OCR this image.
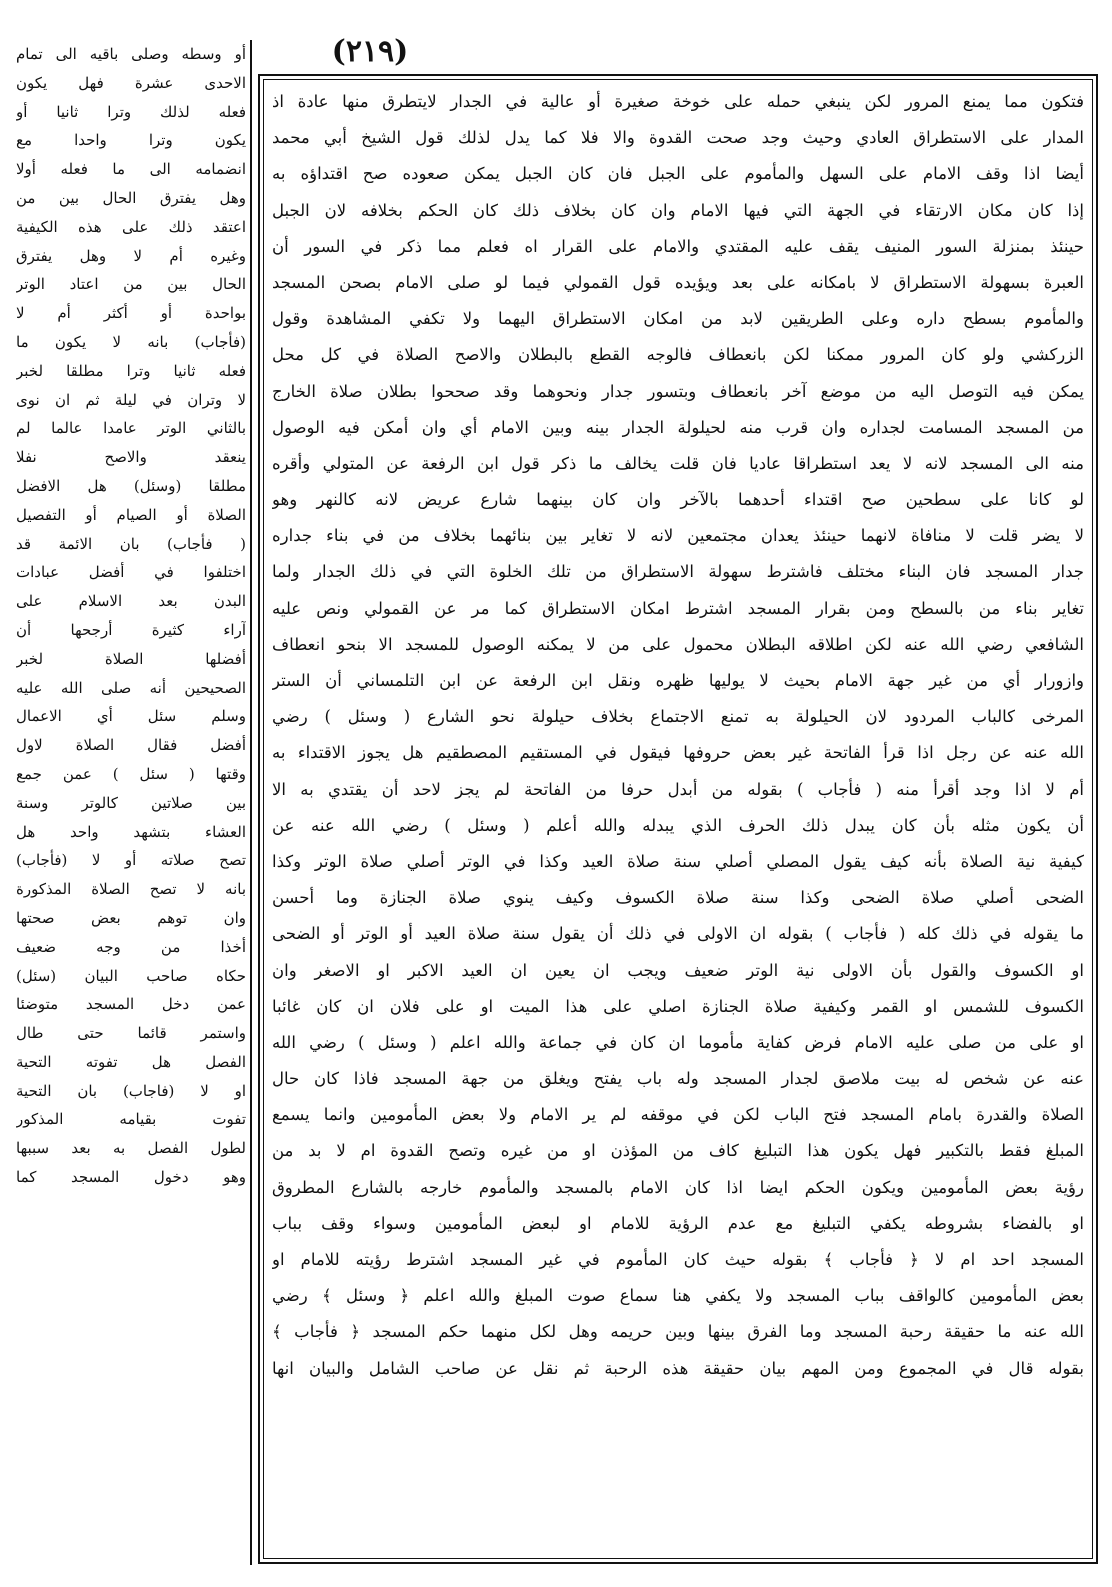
(۲۱۹)
أو وسطه وصلى باقيه الى تمام
الاحدى عشرة فهل يكون
فعله لذلك وترا ثانيا أو
يكون وترا واحدا مع
انضمامه الى ما فعله أولا
وهل يفترق الحال بين من
اعتقد ذلك على هذه الكيفية
وغيره أم لا وهل يفترق
الحال بين من اعتاد الوتر
بواحدة أو أكثر أم لا
(فأجاب) بانه لا يكون ما
فعله ثانيا وترا مطلقا لخبر
لا وتران في ليلة ثم ان نوى
بالثاني الوتر عامدا عالما لم
ينعقد والاصح نفلا
مطلقا (وسئل) هل الافضل
الصلاة أو الصيام أو التفصيل
( فأجاب) بان الائمة قد
اختلفوا في أفضل عبادات
البدن بعد الاسلام على
آراء كثيرة أرجحها أن
أفضلها الصلاة لخبر
الصحيحين أنه صلى الله عليه
وسلم سئل أي الاعمال
أفضل فقال الصلاة لاول
وقتها ( سئل ) عمن جمع
بين صلاتين كالوتر وسنة
العشاء بتشهد واحد هل
تصح صلاته أو لا (فأجاب)
بانه لا تصح الصلاة المذكورة
وان توهم بعض صحتها
أخذا من وجه ضعيف
حكاه صاحب البيان (سئل)
عمن دخل المسجد متوضئا
واستمر قائما حتى طال
الفصل هل تفوته التحية
او لا (فاجاب) بان التحية
تفوت بقيامه المذكور
لطول الفصل به بعد سببها
وهو دخول المسجد كما
فتكون مما يمنع المرور لكن ينبغي حمله على خوخة صغيرة أو عالية في الجدار لايتطرق منها عادة اذ
المدار على الاستطراق العادي وحيث وجد صحت القدوة والا فلا كما يدل لذلك قول الشيخ أبي محمد
أيضا اذا وقف الامام على السهل والمأموم على الجبل فان كان الجبل يمكن صعوده صح اقتداؤه به
إذا كان مكان الارتقاء في الجهة التي فيها الامام وان كان بخلاف ذلك كان الحكم بخلافه لان الجبل
حينئذ بمنزلة السور المنيف يقف عليه المقتدي والامام على القرار اه فعلم مما ذكر في السور أن
العبرة بسهولة الاستطراق لا بامكانه على بعد ويؤيده قول القمولي فيما لو صلى الامام بصحن المسجد
والمأموم بسطح داره وعلى الطريقين لابد من امكان الاستطراق اليهما ولا تكفي المشاهدة وقول
الزركشي ولو كان المرور ممكنا لكن بانعطاف فالوجه القطع بالبطلان والاصح الصلاة في كل محل
يمكن فيه التوصل اليه من موضع آخر بانعطاف وبتسور جدار ونحوهما وقد صححوا بطلان صلاة الخارج
من المسجد المسامت لجداره وان قرب منه لحيلولة الجدار بينه وبين الامام أي وان أمكن فيه الوصول
منه الى المسجد لانه لا يعد استطراقا عاديا فان قلت يخالف ما ذكر قول ابن الرفعة عن المتولي وأقره
لو كانا على سطحين صح اقتداء أحدهما بالآخر وان كان بينهما شارع عريض لانه كالنهر وهو
لا يضر قلت لا منافاة لانهما حينئذ يعدان مجتمعين لانه لا تغاير بين بنائهما بخلاف من في بناء جداره
جدار المسجد فان البناء مختلف فاشترط سهولة الاستطراق من تلك الخلوة التي في ذلك الجدار ولما
تغاير بناء من بالسطح ومن بقرار المسجد اشترط امكان الاستطراق كما مر عن القمولي ونص عليه
الشافعي رضي الله عنه لكن اطلاقه البطلان محمول على من لا يمكنه الوصول للمسجد الا بنحو انعطاف
وازورار أي من غير جهة الامام بحيث لا يوليها ظهره ونقل ابن الرفعة عن ابن التلمساني أن الستر
المرخى كالباب المردود لان الحيلولة به تمنع الاجتماع بخلاف حيلولة نحو الشارع ( وسئل ) رضي
الله عنه عن رجل اذا قرأ الفاتحة غير بعض حروفها فيقول في المستقيم المصطقيم هل يجوز الاقتداء به
أم لا اذا وجد أقرأ منه ( فأجاب ) بقوله من أبدل حرفا من الفاتحة لم يجز لاحد أن يقتدي به الا
أن يكون مثله بأن كان يبدل ذلك الحرف الذي يبدله والله أعلم ( وسئل ) رضي الله عنه عن
كيفية نية الصلاة بأنه كيف يقول المصلي أصلي سنة صلاة العيد وكذا في الوتر أصلي صلاة الوتر وكذا
الضحى أصلي صلاة الضحى وكذا سنة صلاة الكسوف وكيف ينوي صلاة الجنازة وما أحسن
ما يقوله في ذلك كله ( فأجاب ) بقوله ان الاولى في ذلك أن يقول سنة صلاة العيد أو الوتر أو الضحى
او الكسوف والقول بأن الاولى نية الوتر ضعيف ويجب ان يعين ان العيد الاكبر او الاصغر وان
الكسوف للشمس او القمر وكيفية صلاة الجنازة اصلي على هذا الميت او على فلان ان كان غائبا
او على من صلى عليه الامام فرض كفاية مأموما ان كان في جماعة والله اعلم ( وسئل ) رضي الله
عنه عن شخص له بيت ملاصق لجدار المسجد وله باب يفتح ويغلق من جهة المسجد فاذا كان حال
الصلاة والقدرة بامام المسجد فتح الباب لكن في موقفه لم ير الامام ولا بعض المأمومين وانما يسمع
المبلغ فقط بالتكبير فهل يكون هذا التبليغ كاف من المؤذن او من غيره وتصح القدوة ام لا بد من
رؤية بعض المأمومين ويكون الحكم ايضا اذا كان الامام بالمسجد والمأموم خارجه بالشارع المطروق
او بالفضاء بشروطه يكفي التبليغ مع عدم الرؤية للامام او لبعض المأمومين وسواء وقف بباب
المسجد احد ام لا ﴿ فأجاب ﴾ بقوله حيث كان المأموم في غير المسجد اشترط رؤيته للامام او
بعض المأمومين كالواقف بباب المسجد ولا يكفي هنا سماع صوت المبلغ والله اعلم ﴿ وسئل ﴾ رضي
الله عنه ما حقيقة رحبة المسجد وما الفرق بينها وبين حريمه وهل لكل منهما حكم المسجد ﴿ فأجاب ﴾
بقوله قال في المجموع ومن المهم بيان حقيقة هذه الرحبة ثم نقل عن صاحب الشامل والبيان انها
